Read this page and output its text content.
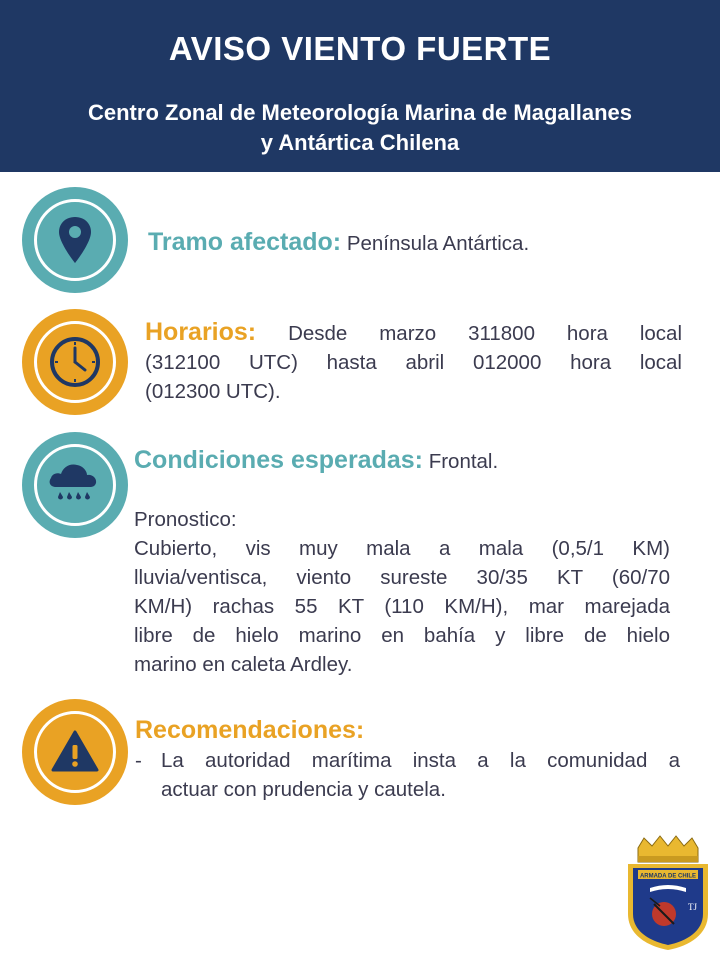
AVISO VIENTO FUERTE
Centro Zonal de Meteorología Marina de Magallanes
y Antártica Chilena
Tramo afectado: Península Antártica.
Horarios: Desde marzo 311800 hora local
(312100 UTC) hasta abril 012000 hora local
(012300 UTC).
Condiciones esperadas: Frontal.
Pronostico:
Cubierto, vis muy mala a mala (0,5/1 KM)
lluvia/ventisca, viento sureste 30/35 KT (60/70
KM/H) rachas 55 KT (110 KM/H), mar marejada
libre de hielo marino en bahía y libre de hielo
marino en caleta Ardley.
Recomendaciones:
- La autoridad marítima insta a la comunidad a
actuar con prudencia y cautela.
ARMADA DE CHILE
TJ
